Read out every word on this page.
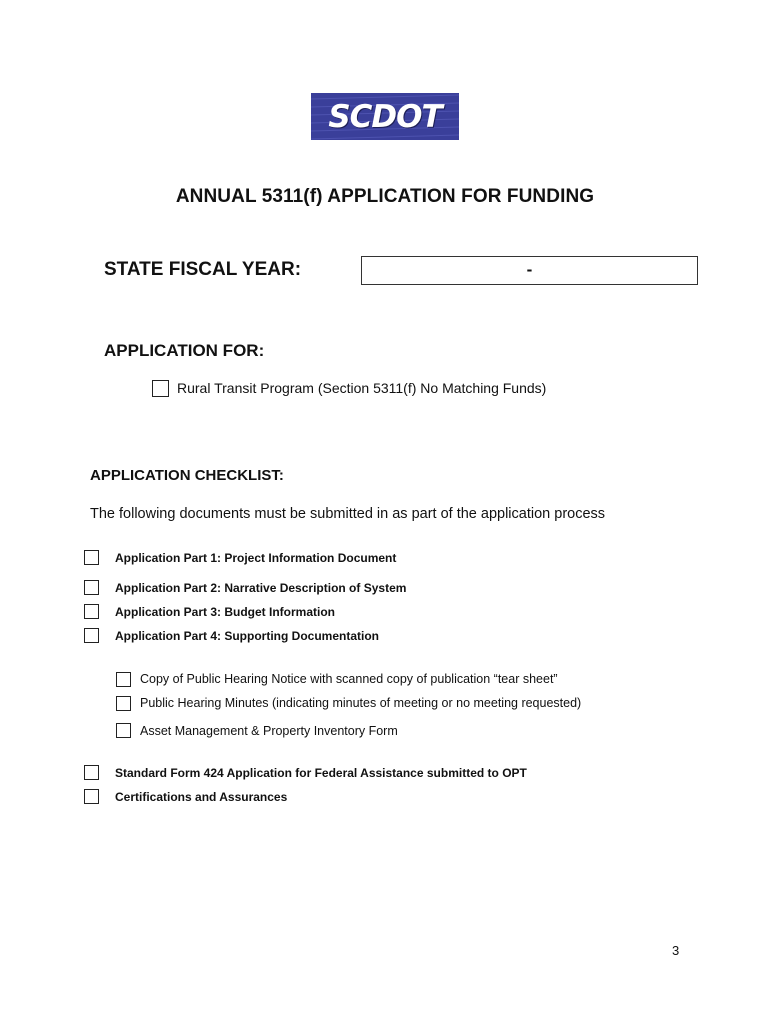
SCDOT
ANNUAL 5311(f) APPLICATION FOR FUNDING
STATE FISCAL YEAR:	-
APPLICATION FOR:
Rural Transit Program (Section 5311(f) No Matching Funds)
APPLICATION CHECKLIST:
The following documents must be submitted in as part of the application process
Application Part 1: Project Information Document
Application Part 2: Narrative Description of System
Application Part 3: Budget Information
Application Part 4: Supporting Documentation
Copy of Public Hearing Notice with scanned copy of publication “tear sheet”
Public Hearing Minutes (indicating minutes of meeting or no meeting requested)
Asset Management & Property Inventory Form
Standard Form 424 Application for Federal Assistance submitted to OPT
Certifications and Assurances
3
